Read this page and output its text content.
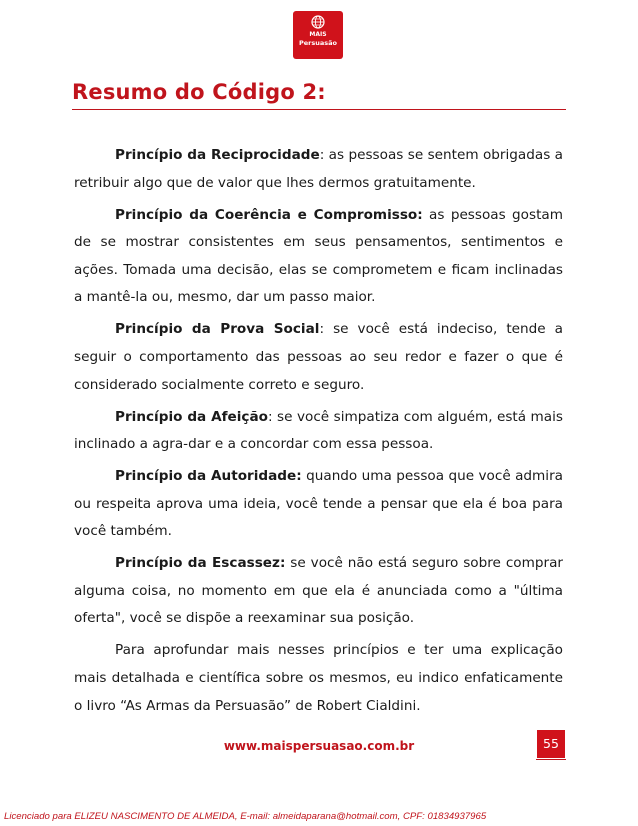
MAIS
Persuasão
Resumo do Código 2:

Princípio da Reciprocidade: as pessoas se sentem obrigadas a retribuir algo que de valor que lhes dermos gratuitamente.

Princípio da Coerência e Compromisso: as pessoas gostam de se mostrar consistentes em seus pensamentos, sentimentos e ações. Tomada uma decisão, elas se comprometem e ficam inclinadas a mantê-la ou, mesmo, dar um passo maior.

Princípio da Prova Social: se você está indeciso, tende a seguir o comportamento das pessoas ao seu redor e fazer o que é considerado socialmente correto e seguro.

Princípio da Afeição: se você simpatiza com alguém, está mais inclinado a agra-dar e a concordar com essa pessoa.

Princípio da Autoridade: quando uma pessoa que você admira ou respeita aprova uma ideia, você tende a pensar que ela é boa para você também.

Princípio da Escassez: se você não está seguro sobre comprar alguma coisa, no momento em que ela é anunciada como a "última oferta", você se dispõe a reexaminar sua posição.

Para aprofundar mais nesses princípios e ter uma explicação mais detalhada e científica sobre os mesmos, eu indico enfaticamente o livro “As Armas da Persuasão” de Robert Cialdini.

www.maispersuasao.com.br	55
Licenciado para ELIZEU NASCIMENTO DE ALMEIDA, E-mail: almeidaparana@hotmail.com, CPF: 01834937965
